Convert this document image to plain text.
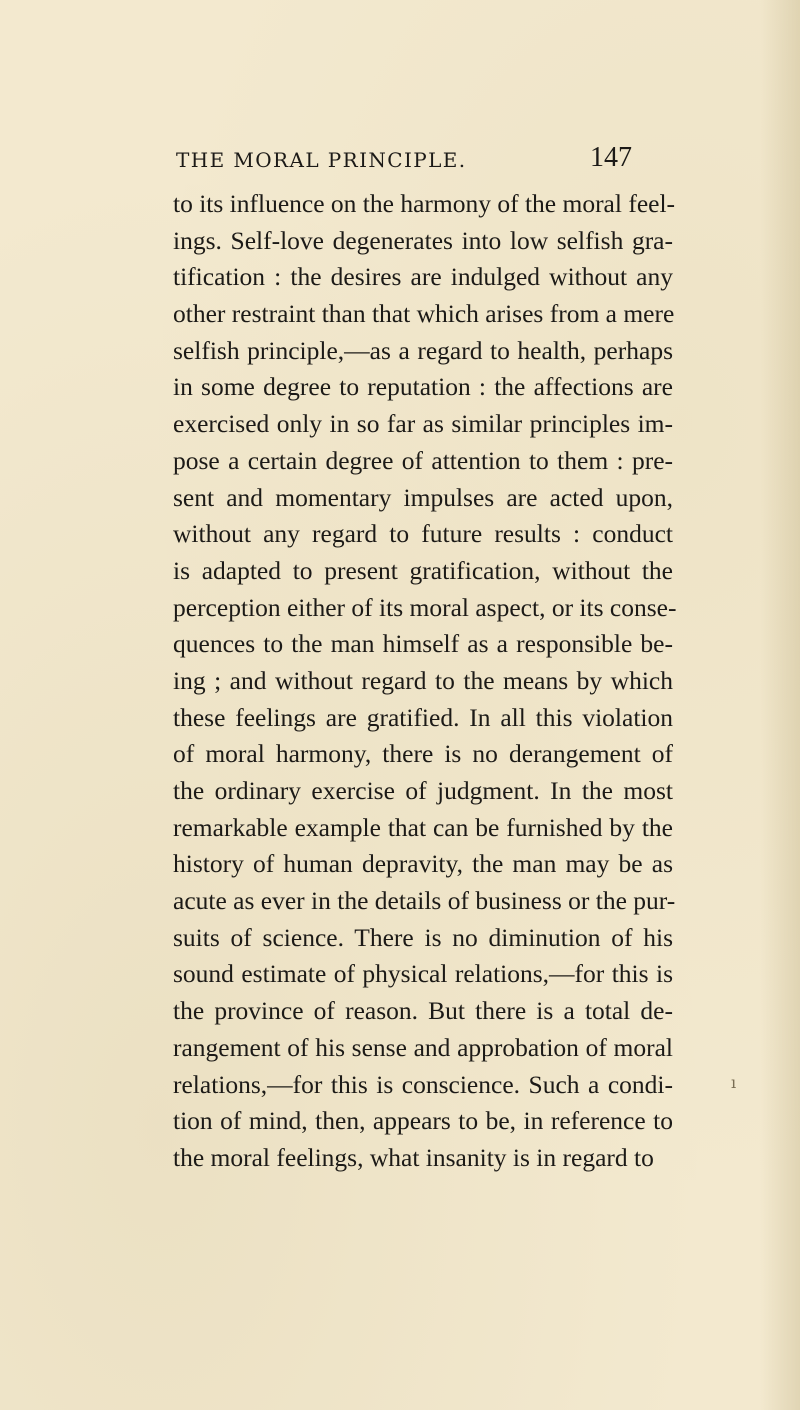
THE MORAL PRINCIPLE.	147
to its influence on the harmony of the moral feel-
ings. Self-love degenerates into low selfish gra-
tification : the desires are indulged without any
other restraint than that which arises from a mere
selfish principle,—as a regard to health, perhaps
in some degree to reputation : the affections are
exercised only in so far as similar principles im-
pose a certain degree of attention to them : pre-
sent and momentary impulses are acted upon,
without any regard to future results : conduct
is adapted to present gratification, without the
perception either of its moral aspect, or its conse-
quences to the man himself as a responsible be-
ing ; and without regard to the means by which
these feelings are gratified. In all this violation
of moral harmony, there is no derangement of
the ordinary exercise of judgment. In the most
remarkable example that can be furnished by the
history of human depravity, the man may be as
acute as ever in the details of business or the pur-
suits of science. There is no diminution of his
sound estimate of physical relations,—for this is
the province of reason. But there is a total de-
rangement of his sense and approbation of moral
relations,—for this is conscience. Such a condi-
tion of mind, then, appears to be, in reference to
the moral feelings, what insanity is in regard to
ı
